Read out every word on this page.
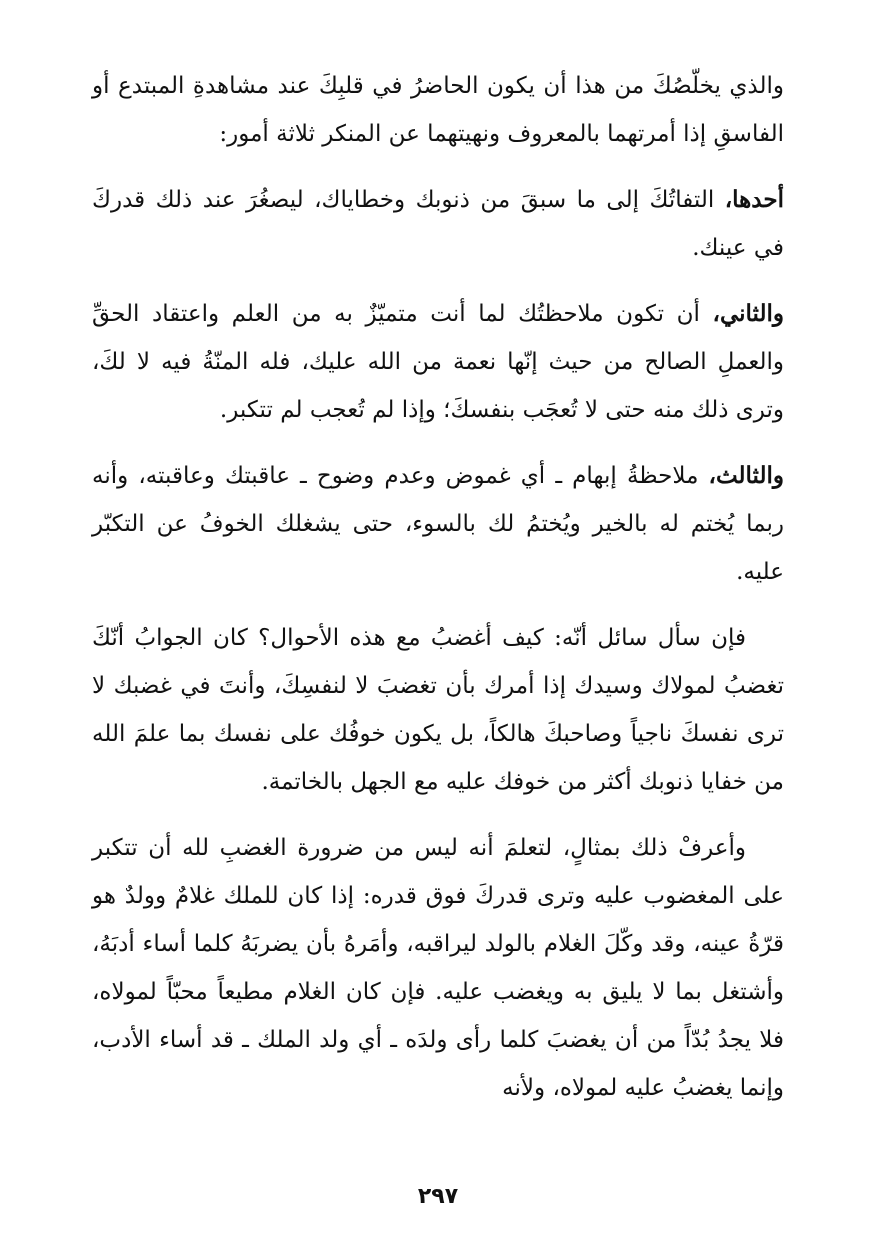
والذي يخلّصُكَ من هذا أن يكون الحاضرُ في قلبِكَ عند مشاهدةِ المبتدع أو الفاسقِ إذا أمرتهما بالمعروف ونهيتهما عن المنكر ثلاثة أمور:

أحدها، التفاتُكَ إلى ما سبقَ من ذنوبك وخطاياك، ليصغُرَ عند ذلك قدركَ في عينك.

والثاني، أن تكون ملاحظتُك لما أنت متميّزٌ به من العلم واعتقاد الحقِّ والعملِ الصالح من حيث إنّها نعمة من الله عليك، فله المنّةُ فيه لا لكَ، وترى ذلك منه حتى لا تُعجَب بنفسكَ؛ وإذا لم تُعجب لم تتكبر.

والثالث، ملاحظةُ إبهام ـ أي غموض وعدم وضوح ـ عاقبتك وعاقبته، وأنه ربما يُختم له بالخير ويُختمُ لك بالسوء، حتى يشغلك الخوفُ عن التكبّر عليه.

فإن سأل سائل أنّه: كيف أغضبُ مع هذه الأحوال؟ كان الجوابُ أنّكَ تغضبُ لمولاك وسيدك إذا أمرك بأن تغضبَ لا لنفسِكَ، وأنتَ في غضبك لا ترى نفسكَ ناجياً وصاحبكَ هالكاً، بل يكون خوفُك على نفسك بما علمَ الله من خفايا ذنوبك أكثر من خوفك عليه مع الجهل بالخاتمة.

وأعرفْ ذلك بمثالٍ، لتعلمَ أنه ليس من ضرورة الغضبِ لله أن تتكبر على المغضوب عليه وترى قدركَ فوق قدره: إذا كان للملك غلامٌ وولدٌ هو قرّةُ عينه، وقد وكّلَ الغلام بالولد ليراقبه، وأمَرهُ بأن يضربَهُ كلما أساء أدبَهُ، وأشتغل بما لا يليق به ويغضب عليه. فإن كان الغلام مطيعاً محبّاً لمولاه، فلا يجدُ بُدّاً من أن يغضبَ كلما رأى ولدَه ـ أي ولد الملك ـ قد أساء الأدب، وإنما يغضبُ عليه لمولاه، ولأنه

٢٩٧
